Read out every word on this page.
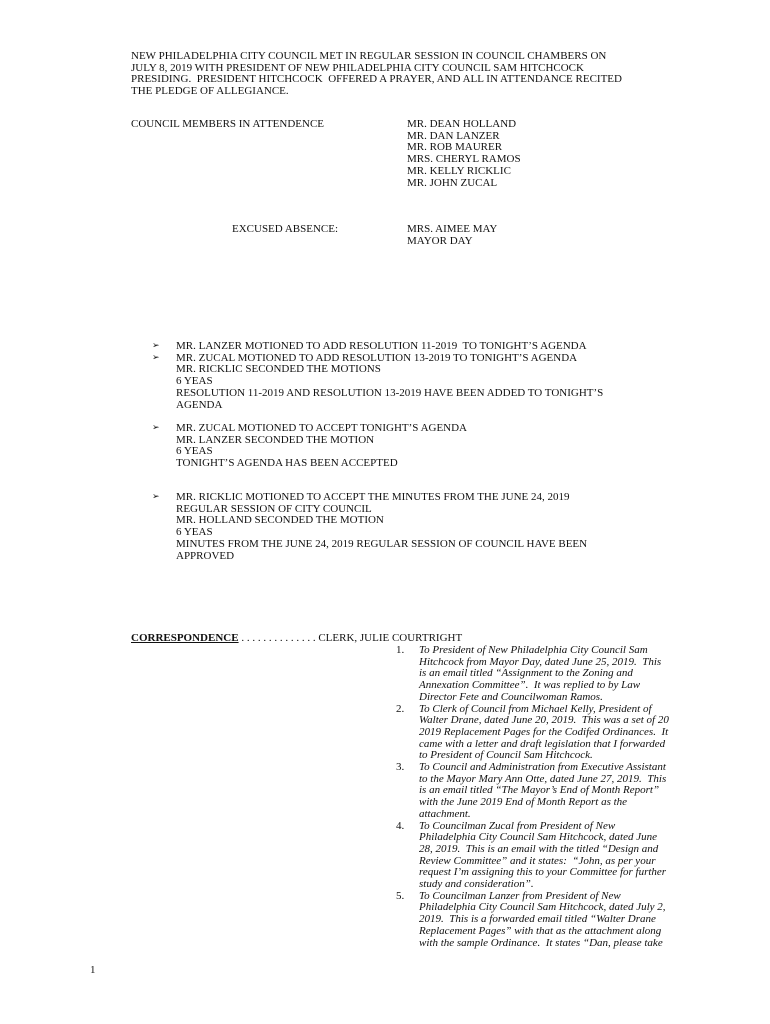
NEW PHILADELPHIA CITY COUNCIL MET IN REGULAR SESSION IN COUNCIL CHAMBERS ON
JULY 8, 2019 WITH PRESIDENT OF NEW PHILADELPHIA CITY COUNCIL SAM HITCHCOCK
PRESIDING.  PRESIDENT HITCHCOCK  OFFERED A PRAYER, AND ALL IN ATTENDANCE RECITED
THE PLEDGE OF ALLEGIANCE.
COUNCIL MEMBERS IN ATTENDENCE	MR. DEAN HOLLAND
MR. DAN LANZER
MR. ROB MAURER
MRS. CHERYL RAMOS
MR. KELLY RICKLIC
MR. JOHN ZUCAL
EXCUSED ABSENCE:	MRS. AIMEE MAY
MAYOR DAY
➢ MR. LANZER MOTIONED TO ADD RESOLUTION 11-2019  TO TONIGHT’S AGENDA
➢ MR. ZUCAL MOTIONED TO ADD RESOLUTION 13-2019 TO TONIGHT’S AGENDA
MR. RICKLIC SECONDED THE MOTIONS
6 YEAS
RESOLUTION 11-2019 AND RESOLUTION 13-2019 HAVE BEEN ADDED TO TONIGHT’S
AGENDA
➢ MR. ZUCAL MOTIONED TO ACCEPT TONIGHT’S AGENDA
MR. LANZER SECONDED THE MOTION
6 YEAS
TONIGHT’S AGENDA HAS BEEN ACCEPTED
➢ MR. RICKLIC MOTIONED TO ACCEPT THE MINUTES FROM THE JUNE 24, 2019
REGULAR SESSION OF CITY COUNCIL
MR. HOLLAND SECONDED THE MOTION
6 YEAS
MINUTES FROM THE JUNE 24, 2019 REGULAR SESSION OF COUNCIL HAVE BEEN
APPROVED
CORRESPONDENCE . . . . . . . . . . . . . . CLERK, JULIE COURTRIGHT
1. To President of New Philadelphia City Council Sam
Hitchcock from Mayor Day, dated June 25, 2019.  This
is an email titled “Assignment to the Zoning and
Annexation Committee”.  It was replied to by Law
Director Fete and Councilwoman Ramos.
2. To Clerk of Council from Michael Kelly, President of
Walter Drane, dated June 20, 2019.  This was a set of 20
2019 Replacement Pages for the Codifed Ordinances.  It
came with a letter and draft legislation that I forwarded
to President of Council Sam Hitchcock.
3. To Council and Administration from Executive Assistant
to the Mayor Mary Ann Otte, dated June 27, 2019.  This
is an email titled “The Mayor’s End of Month Report”
with the June 2019 End of Month Report as the
attachment.
4. To Councilman Zucal from President of New
Philadelphia City Council Sam Hitchcock, dated June
28, 2019.  This is an email with the titled “Design and
Review Committee” and it states:  “John, as per your
request I’m assigning this to your Committee for further
study and consideration”.
5. To Councilman Lanzer from President of New
Philadelphia City Council Sam Hitchcock, dated July 2,
2019.  This is a forwarded email titled “Walter Drane
Replacement Pages” with that as the attachment along
with the sample Ordinance.  It states “Dan, please take
1
